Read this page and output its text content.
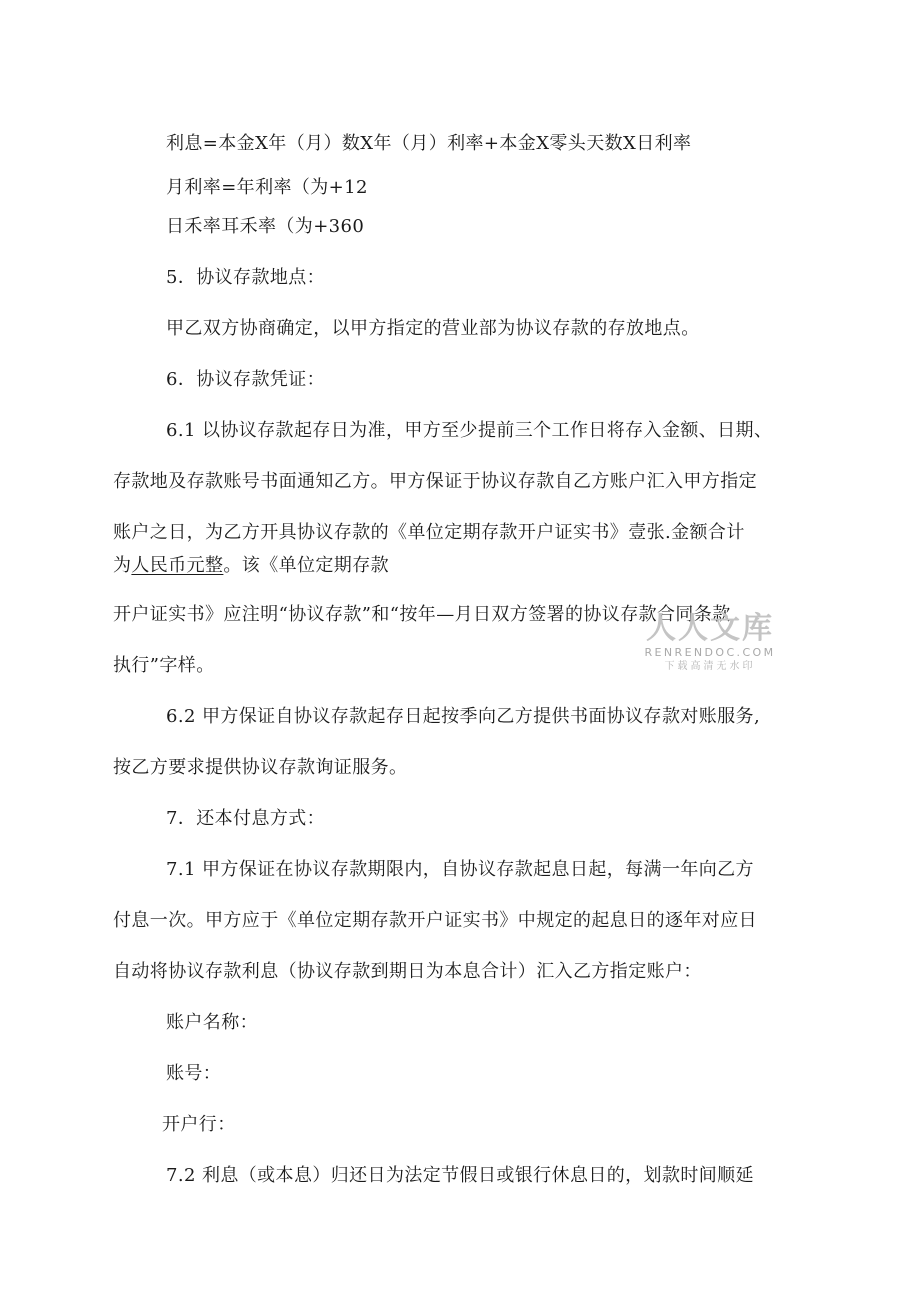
利息=本金X年（月）数X年（月）利率+本金X零头天数X日利率
月利率=年利率（为+12
日禾率耳禾率（为+360
5．协议存款地点：
甲乙双方协商确定，以甲方指定的营业部为协议存款的存放地点。
6．协议存款凭证：
6.1 以协议存款起存日为准，甲方至少提前三个工作日将存入金额、日期、
存款地及存款账号书面通知乙方。甲方保证于协议存款自乙方账户汇入甲方指定
账户之日，为乙方开具协议存款的《单位定期存款开户证实书》壹张.金额合计
为人民币元整。该《单位定期存款
开户证实书》应注明“协议存款”和“按年—月日双方签署的协议存款合同条款
执行”字样。
6.2 甲方保证自协议存款起存日起按季向乙方提供书面协议存款对账服务,
按乙方要求提供协议存款询证服务。
7．还本付息方式：
7.1 甲方保证在协议存款期限内，自协议存款起息日起，每满一年向乙方
付息一次。甲方应于《单位定期存款开户证实书》中规定的起息日的逐年对应日
自动将协议存款利息（协议存款到期日为本息合计）汇入乙方指定账户：
账户名称：
账号：
开户行：
7.2 利息（或本息）归还日为法定节假日或银行休息日的，划款时间顺延
人人文库
RENRENDOC.COM
下载高清无水印
